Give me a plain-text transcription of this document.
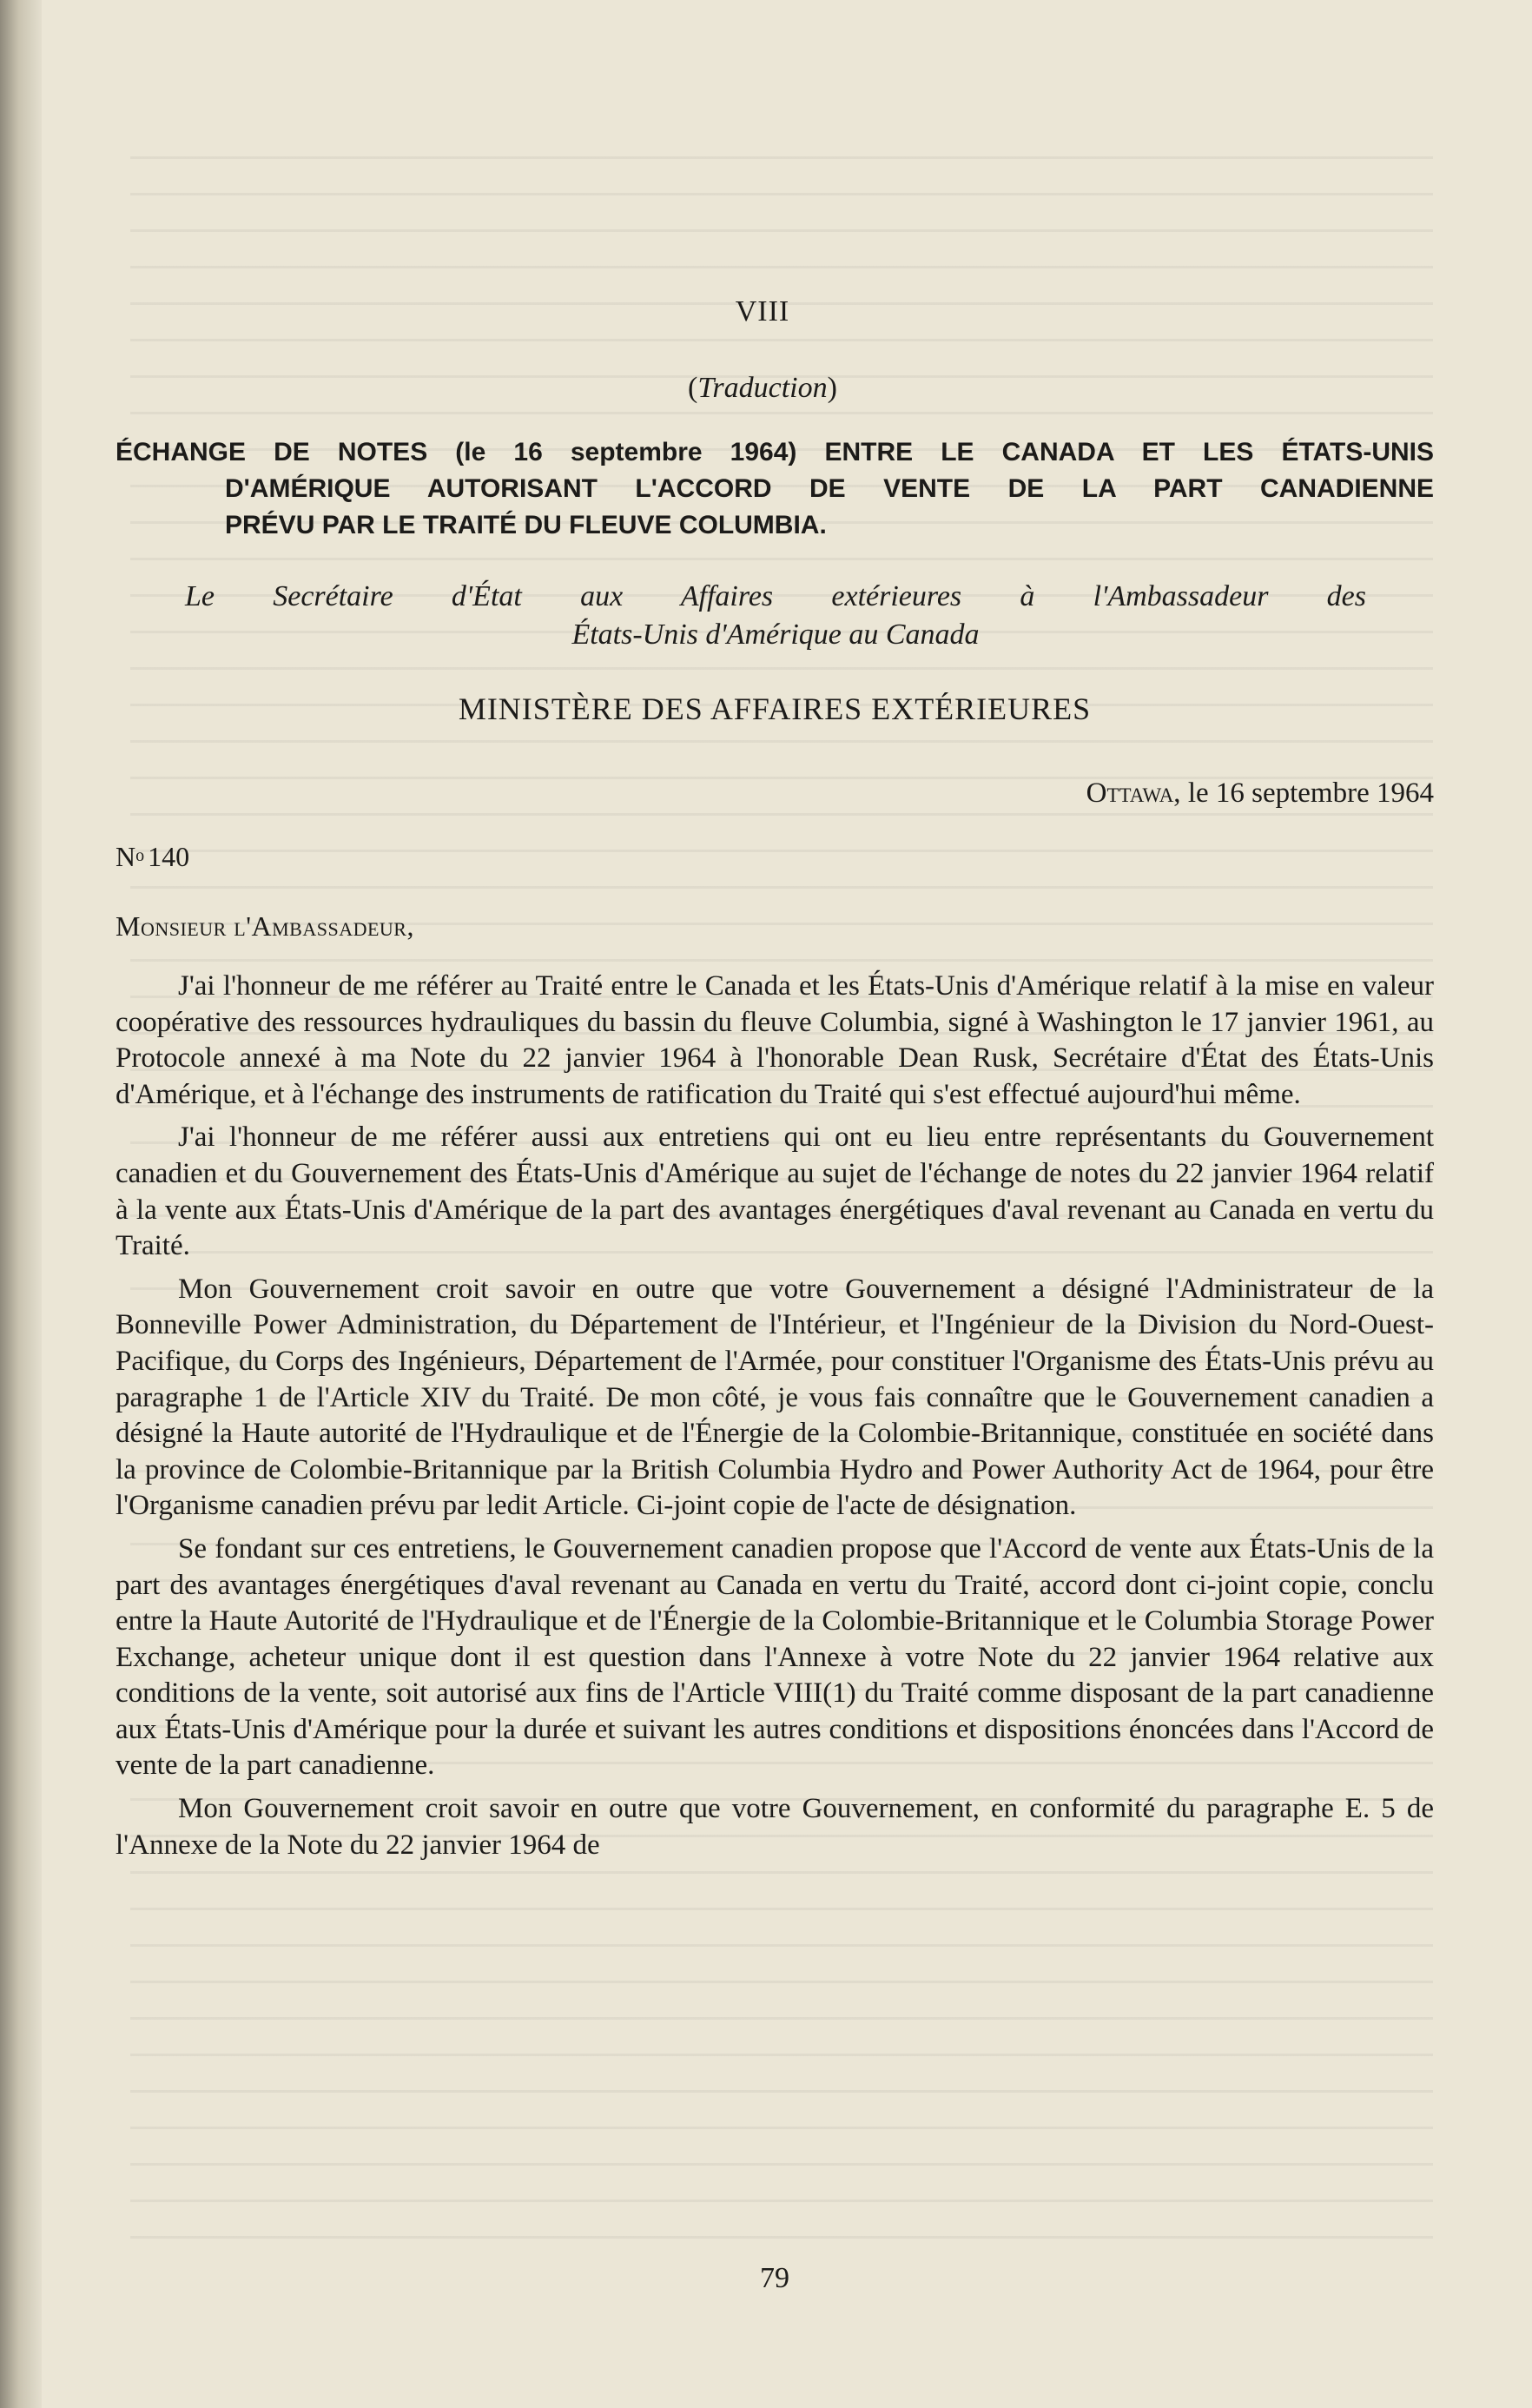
VIII
(Traduction)
ÉCHANGE DE NOTES (le 16 septembre 1964) ENTRE LE CANADA ET LES ÉTATS-UNIS
D'AMÉRIQUE AUTORISANT L'ACCORD DE VENTE DE LA PART CANADIENNE
PRÉVU PAR LE TRAITÉ DU FLEUVE COLUMBIA.
Le Secrétaire d'État aux Affaires extérieures à l'Ambassadeur des
États-Unis d'Amérique au Canada
MINISTÈRE DES AFFAIRES EXTÉRIEURES
Ottawa, le 16 septembre 1964
$N^o$ 140
Monsieur l'Ambassadeur,

J'ai l'honneur de me référer au Traité entre le Canada et les États-Unis d'Amérique relatif à la mise en valeur coopérative des ressources hydrauliques du bassin du fleuve Columbia, signé à Washington le 17 janvier 1961, au Protocole annexé à ma Note du 22 janvier 1964 à l'honorable Dean Rusk, Secrétaire d'État des États-Unis d'Amérique, et à l'échange des instruments de ratification du Traité qui s'est effectué aujourd'hui même.

J'ai l'honneur de me référer aussi aux entretiens qui ont eu lieu entre représentants du Gouvernement canadien et du Gouvernement des États-Unis d'Amérique au sujet de l'échange de notes du 22 janvier 1964 relatif à la vente aux États-Unis d'Amérique de la part des avantages énergétiques d'aval revenant au Canada en vertu du Traité.

Mon Gouvernement croit savoir en outre que votre Gouvernement a désigné l'Administrateur de la Bonneville Power Administration, du Département de l'Intérieur, et l'Ingénieur de la Division du Nord-Ouest-Pacifique, du Corps des Ingénieurs, Département de l'Armée, pour constituer l'Organisme des États-Unis prévu au paragraphe 1 de l'Article XIV du Traité. De mon côté, je vous fais connaître que le Gouvernement canadien a désigné la Haute autorité de l'Hydraulique et de l'Énergie de la Colombie-Britannique, constituée en société dans la province de Colombie-Britannique par la British Columbia Hydro and Power Authority Act de 1964, pour être l'Organisme canadien prévu par ledit Article. Ci-joint copie de l'acte de désignation.

Se fondant sur ces entretiens, le Gouvernement canadien propose que l'Accord de vente aux États-Unis de la part des avantages énergétiques d'aval revenant au Canada en vertu du Traité, accord dont ci-joint copie, conclu entre la Haute Autorité de l'Hydraulique et de l'Énergie de la Colombie-Britannique et le Columbia Storage Power Exchange, acheteur unique dont il est question dans l'Annexe à votre Note du 22 janvier 1964 relative aux conditions de la vente, soit autorisé aux fins de l'Article VIII(1) du Traité comme disposant de la part canadienne aux États-Unis d'Amérique pour la durée et suivant les autres conditions et dispositions énoncées dans l'Accord de vente de la part canadienne.

Mon Gouvernement croit savoir en outre que votre Gouvernement, en conformité du paragraphe E. 5 de l'Annexe de la Note du 22 janvier 1964 de

79
